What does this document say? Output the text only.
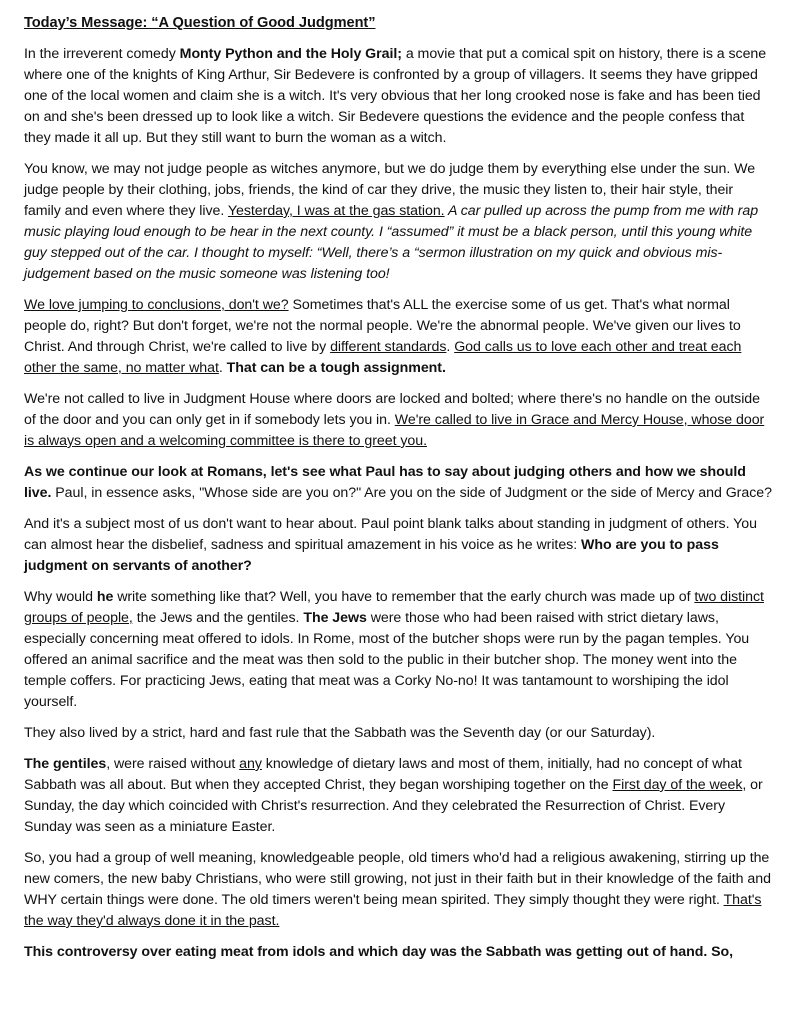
Today’s Message: “A Question of Good Judgment”

In the irreverent comedy Monty Python and the Holy Grail; a movie that put a comical spit on history, there is a scene where one of the knights of King Arthur, Sir Bedevere is confronted by a group of villagers. It seems they have gripped one of the local women and claim she is a witch. It's very obvious that her long crooked nose is fake and has been tied on and she's been dressed up to look like a witch. Sir Bedevere questions the evidence and the people confess that they made it all up. But they still want to burn the woman as a witch.

You know, we may not judge people as witches anymore, but we do judge them by everything else under the sun. We judge people by their clothing, jobs, friends, the kind of car they drive, the music they listen to, their hair style, their family and even where they live. Yesterday, I was at the gas station. A car pulled up across the pump from me with rap music playing loud enough to be hear in the next county. I “assumed” it must be a black person, until this young white guy stepped out of the car. I thought to myself: “Well, there’s a “sermon illustration on my quick and obvious mis-judgement based on the music someone was listening too!

We love jumping to conclusions, don't we? Sometimes that's ALL the exercise some of us get. That's what normal people do, right? But don't forget, we're not the normal people. We're the abnormal people. We've given our lives to Christ. And through Christ, we're called to live by different standards. God calls us to love each other and treat each other the same, no matter what. That can be a tough assignment.

We're not called to live in Judgment House where doors are locked and bolted; where there's no handle on the outside of the door and you can only get in if somebody lets you in. We're called to live in Grace and Mercy House, whose door is always open and a welcoming committee is there to greet you.

As we continue our look at Romans, let's see what Paul has to say about judging others and how we should live. Paul, in essence asks, "Whose side are you on?" Are you on the side of Judgment or the side of Mercy and Grace?

And it's a subject most of us don't want to hear about. Paul point blank talks about standing in judgment of others. You can almost hear the disbelief, sadness and spiritual amazement in his voice as he writes: Who are you to pass judgment on servants of another?

Why would he write something like that? Well, you have to remember that the early church was made up of two distinct groups of people, the Jews and the gentiles. The Jews were those who had been raised with strict dietary laws, especially concerning meat offered to idols. In Rome, most of the butcher shops were run by the pagan temples. You offered an animal sacrifice and the meat was then sold to the public in their butcher shop. The money went into the temple coffers. For practicing Jews, eating that meat was a Corky No-no! It was tantamount to worshiping the idol yourself.

They also lived by a strict, hard and fast rule that the Sabbath was the Seventh day (or our Saturday).

The gentiles, were raised without any knowledge of dietary laws and most of them, initially, had no concept of what Sabbath was all about. But when they accepted Christ, they began worshiping together on the First day of the week, or Sunday, the day which coincided with Christ's resurrection. And they celebrated the Resurrection of Christ. Every Sunday was seen as a miniature Easter.

So, you had a group of well meaning, knowledgeable people, old timers who'd had a religious awakening, stirring up the new comers, the new baby Christians, who were still growing, not just in their faith but in their knowledge of the faith and WHY certain things were done. The old timers weren't being mean spirited. They simply thought they were right. That's the way they'd always done it in the past.

This controversy over eating meat from idols and which day was the Sabbath was getting out of hand. So,
